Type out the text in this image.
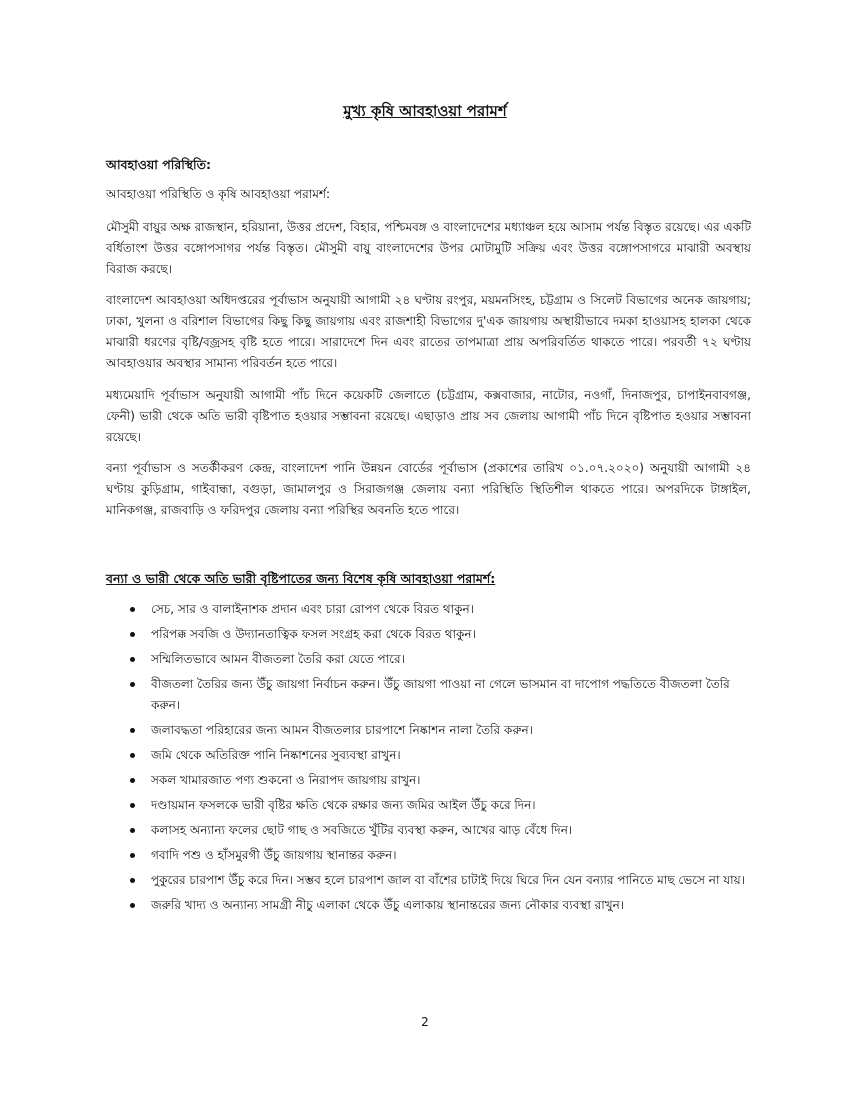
মুখ্য কৃষি আবহাওয়া পরামর্শ
আবহাওয়া পরিস্থিতি:

আবহাওয়া পরিস্থিতি ও কৃষি আবহাওয়া পরামর্শ:

মৌসুমী বায়ুর অক্ষ রাজস্থান, হরিয়ানা, উত্তর প্রদেশ, বিহার, পশ্চিমবঙ্গ ও বাংলাদেশের মধ্যাঞ্চল হয়ে আসাম পর্যন্ত বিস্তৃত রয়েছে। এর একটি বর্ধিতাংশ উত্তর বঙ্গোপসাগর পর্যন্ত বিস্তৃত। মৌসুমী বায়ু বাংলাদেশের উপর মোটামুটি সক্রিয় এবং উত্তর বঙ্গোপসাগরে মাঝারী অবস্থায় বিরাজ করছে।

বাংলাদেশ আবহাওয়া অধিদপ্তরের পূর্বাভাস অনুযায়ী আগামী ২৪ ঘণ্টায় রংপুর, ময়মনসিংহ, চট্টগ্রাম ও সিলেট বিভাগের অনেক জায়গায়; ঢাকা, খুলনা ও বরিশাল বিভাগের কিছু কিছু জায়গায় এবং রাজশাহী বিভাগের দু'এক জায়গায় অস্থায়ীভাবে দমকা হাওয়াসহ হালকা থেকে মাঝারী ধরণের বৃষ্টি/বজ্রসহ বৃষ্টি হতে পারে। সারাদেশে দিন এবং রাতের তাপমাত্রা প্রায় অপরিবর্তিত থাকতে পারে। পরবর্তী ৭২ ঘণ্টায় আবহাওয়ার অবস্থার সামান্য পরিবর্তন হতে পারে।

মধ্যমেয়াদি পূর্বাভাস অনুযায়ী আগামী পাঁচ দিনে কয়েকটি জেলাতে (চট্টগ্রাম, কক্সবাজার, নাটোর, নওগাঁ, দিনাজপুর, চাপাইনবাবগঞ্জ, ফেনী) ভারী থেকে অতি ভারী বৃষ্টিপাত হওয়ার সম্ভাবনা রয়েছে। এছাড়াও প্রায় সব জেলায় আগামী পাঁচ দিনে বৃষ্টিপাত হওয়ার সম্ভাবনা রয়েছে।

বন্যা পূর্বাভাস ও সতর্কীকরণ কেন্দ্র, বাংলাদেশ পানি উন্নয়ন বোর্ডের পূর্বাভাস (প্রকাশের তারিখ ০১.০৭.২০২০) অনুযায়ী আগামী ২৪ ঘণ্টায় কুড়িগ্রাম, গাইবান্ধা, বগুড়া, জামালপুর ও সিরাজগঞ্জ জেলায় বন্যা পরিস্থিতি স্থিতিশীল থাকতে পারে। অপরদিকে টাঙ্গাইল, মানিকগঞ্জ, রাজবাড়ি ও ফরিদপুর জেলায় বন্যা পরিস্থির অবনতি হতে পারে।

বন্যা ও ভারী থেকে অতি ভারী বৃষ্টিপাতের জন্য বিশেষ কৃষি আবহাওয়া পরামর্শ:
সেচ, সার ও বালাইনাশক প্রদান এবং চারা রোপণ থেকে বিরত থাকুন।
পরিপক্ক সবজি ও উদ্যানতাত্বিক ফসল সংগ্রহ করা থেকে বিরত থাকুন।
সম্মিলিতভাবে আমন বীজতলা তৈরি করা যেতে পারে।
বীজতলা তৈরির জন্য উঁচু জায়গা নির্বাচন করুন। উঁচু জায়গা পাওয়া না গেলে ভাসমান বা দাপোগ পদ্ধতিতে বীজতলা তৈরি করুন।
জলাবদ্ধতা পরিহারের জন্য আমন বীজতলার চারপাশে নিষ্কাশন নালা তৈরি করুন।
জমি থেকে অতিরিক্ত পানি নিষ্কাশনের সুব্যবস্থা রাখুন।
সকল খামারজাত পণ্য শুকনো ও নিরাপদ জায়গায় রাখুন।
দণ্ডায়মান ফসলকে ভারী বৃষ্টির ক্ষতি থেকে রক্ষার জন্য জমির আইল উঁচু করে দিন।
কলাসহ অন্যান্য ফলের ছোট গাছ ও সবজিতে খুঁটির ব্যবস্থা করুন, আখের ঝাড় বেঁধে দিন।
গবাদি পশু ও হাঁসমুরগী উঁচু জায়গায় স্থানান্তর করুন।
পুকুরের চারপাশ উঁচু করে দিন। সম্ভব হলে চারপাশ জাল বা বাঁশের চাটাই দিয়ে ঘিরে দিন যেন বন্যার পানিতে মাছ ভেসে না যায়।
জরুরি খাদ্য ও অন্যান্য সামগ্রী নীচু এলাকা থেকে উঁচু এলাকায় স্থানান্তরের জন্য নৌকার ব্যবস্থা রাখুন।
2
